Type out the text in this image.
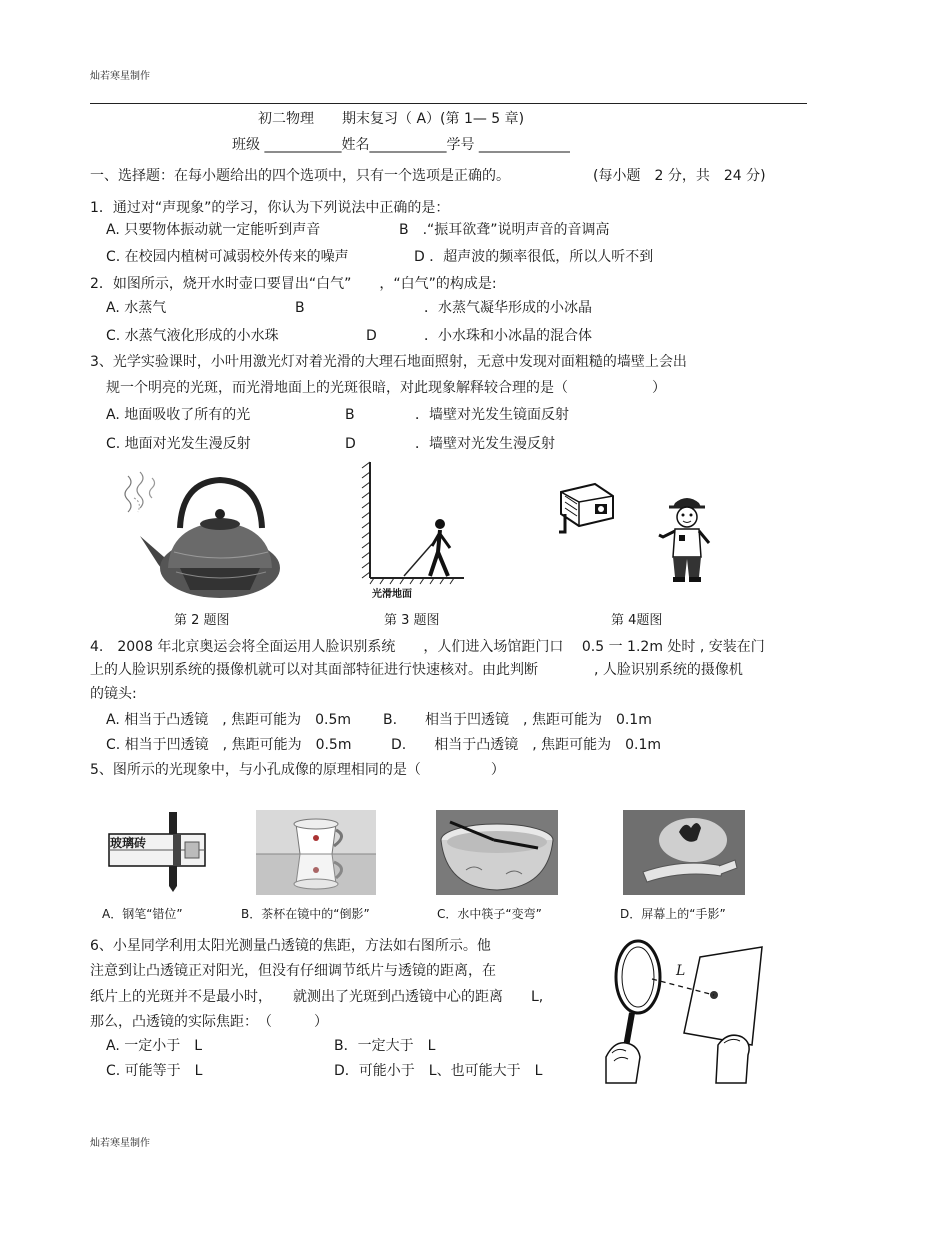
灿若寒星制作
初二物理　　期末复习（ A）(第 1— 5 章)
班级 ___________姓名___________学号 _____________
一、选择题：在每小题给出的四个选项中，只有一个选项是正确的。	(每小题　2 分，共　24 分)
1．通过对“声现象”的学习，你认为下列说法中正确的是：
A. 只要物体振动就一定能听到声音	B　.“振耳欲聋”说明声音的音调高
C. 在校园内植树可减弱校外传来的噪声	D ．超声波的频率很低，所以人听不到
2．如图所示，烧开水时壶口要冒出“白气”　　，“白气”的构成是:
A. 水蒸气	B	．水蒸气凝华形成的小冰晶
C. 水蒸气液化形成的小水珠	D	．小水珠和小冰晶的混合体
3、光学实验课时，小叶用激光灯对着光滑的大理石地面照射，无意中发现对面粗糙的墙壁上会出
规一个明亮的光斑，而光滑地面上的光斑很暗，对此现象解释较合理的是（　　　　　　）
A. 地面吸收了所有的光	B	．墙壁对光发生镜面反射
C. 地面对光发生漫反射	D	．墙壁对光发生漫反射
光滑地面
第 2 题图	第 3 题图	第 4题图
4.　2008 年北京奥运会将全面运用人脸识别系统　　，人们进入场馆距门口　 0.5 一 1.2m 处时 , 安装在门
上的人脸识别系统的摄像机就可以对其面部特征进行快速核对。由此判断　　　　, 人脸识别系统的摄像机
的镜头:
A. 相当于凸透镜　, 焦距可能为　0.5m B.　　相当于凹透镜　, 焦距可能为　0.1m
C. 相当于凹透镜　, 焦距可能为　0.5m	D.　　相当于凸透镜　, 焦距可能为　0.1m
5、图所示的光现象中，与小孔成像的原理相同的是（　　　　　）
玻璃砖
A．钢笔“错位”	B．茶杯在镜中的“倒影”	C．水中筷子“变弯”	D．屏幕上的“手影”
6、小星同学利用太阳光测量凸透镜的焦距，方法如右图所示。他
注意到让凸透镜正对阳光，但没有仔细调节纸片与透镜的距离，在
纸片上的光斑并不是最小时，　　就测出了光斑到凸透镜中心的距离　　L,
那么，凸透镜的实际焦距：　（　　　）
A. 一定小于　L	B．一定大于　L
C. 可能等于　L	D．可能小于　L、也可能大于　L
L
灿若寒星制作
